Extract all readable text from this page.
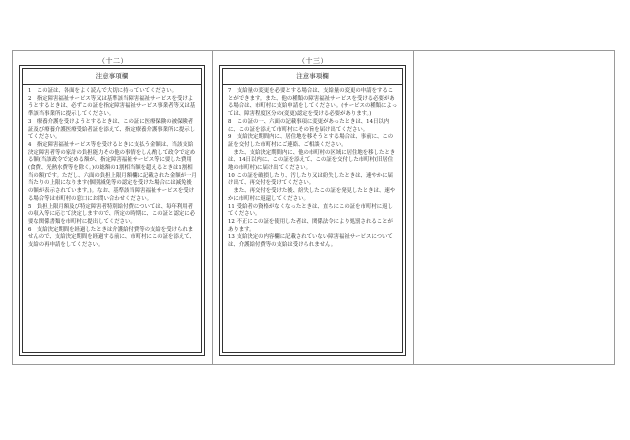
（十二）	（十三）
注意事項欄
1　この証は、各面をよく読んで大切に持っていてください。
2　指定障害福祉サービス等又は基準該当障害福祉サービスを受けようとするときは、必ずこの証を指定障害福祉サービス事業者等又は基準該当事業所に提示してください。
3　療養介護を受けようとするときは、この証に医療保険の被保険者証及び療養介護医療受給者証を添えて、指定療養介護事業所に提示してください。
4　指定障害福祉サービス等を受けるときに支払う金額は、当該支給決定障害者等の家計の負担能力その他の事情をしん酌して政令で定める額(当該政令で定める額が、指定障害福祉サービス等に要した費用(食費、光熱水費等を除く。)の総額の1割相当額を超えるときは1割相当の額)です。ただし、六面の負担上限月額欄に記載された金額が一月当たりの上限になります(個別減免等の認定を受けた場合には減免後の額が表示されています。)。なお、基準該当障害福祉サービスを受ける場合等は市町村の窓口にお問い合わせください。
5　負担上限月額及び特定障害者特別給付費については、毎年利用者の収入等に応じて決定しますので、所定の時期に、この証と認定に必要な関係書類を市町村に提出してください。
6　支給決定期間を経過したときは介護給付費等の支給を受けられませんので、支給決定期間を経過する前に、市町村にこの証を添えて、支給の再申請をしてください。
注意事項欄
7　支給量の変更を必要とする場合は、支給量の変更の申請をすることができます。また、他の種類の障害福祉サービスを受ける必要がある場合は、市町村に支給申請をしてください。(サービスの種類によっては、障害程度区分の(変更)認定を受ける必要があります。)
8　この証の一、六面の記載事項に変更があったときは、14日以内に、この証を添えて市町村にその旨を届け出てください。
9　支給決定期間内に、居住地を移そうとする場合は、事前に、この証を交付した市町村にご連絡、ご相談ください。
　また、支給決定期間内に、他の市町村の区域に居住地を移したときは、14日以内に、この証を添えて、この証を交付した市町村(旧居住地の市町村)に届け出てください。
10 この証を破損したり、汚したり又は紛失したときは、速やかに届け出て、再交付を受けてください。
　また、再交付を受けた後、紛失したこの証を発見したときは、速やかに市町村に返還してください。
11 受給者の資格がなくなったときは、直ちにこの証を市町村に返してください。
12 不正にこの証を使用した者は、関係法令により処罰されることがあります。
13 支給決定の内容欄に記載されていない障害福祉サービスについては、介護給付費等の支給は受けられません。
